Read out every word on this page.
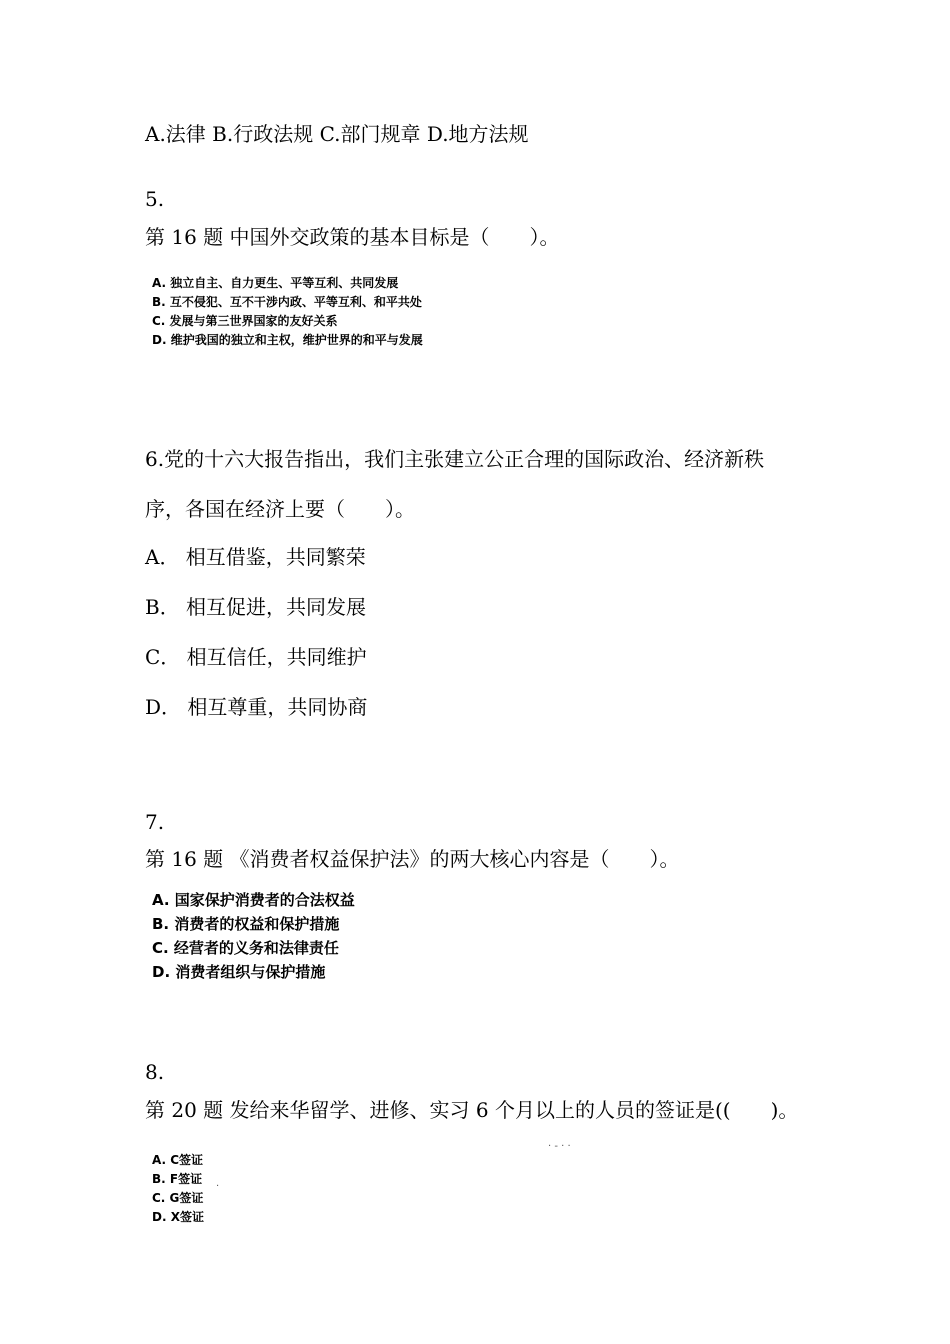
A.法律 B.行政法规 C.部门规章 D.地方法规
5.
第 16 题 中国外交政策的基本目标是（　　）。
A. 独立自主、自力更生、平等互利、共同发展
B. 互不侵犯、互不干涉内政、平等互利、和平共处
C. 发展与第三世界国家的友好关系
D. 维护我国的独立和主权，维护世界的和平与发展
6.党的十六大报告指出，我们主张建立公正合理的国际政治、经济新秩
序，各国在经济上要（　　）。
A． 相互借鉴，共同繁荣
B． 相互促进，共同发展
C． 相互信任，共同维护
D． 相互尊重，共同协商
7.
第 16 题 《消费者权益保护法》的两大核心内容是（　　）。
A. 国家保护消费者的合法权益
B. 消费者的权益和保护措施
C. 经营者的义务和法律责任
D. 消费者组织与保护措施
8.
第 20 题 发给来华留学、进修、实习 6 个月以上的人员的签证是((　　)。
· - · ·
A. C签证
B. F签证
·
C. G签证
D. X签证
